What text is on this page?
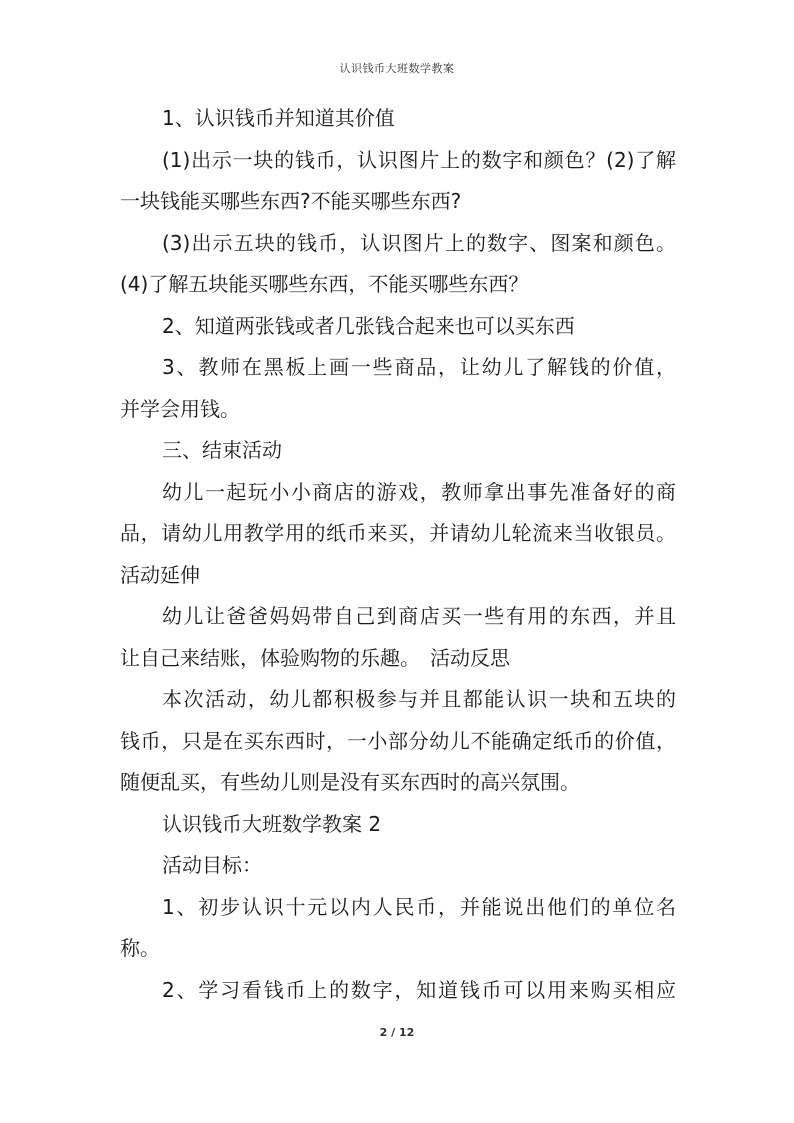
认识钱币大班数学教案
1、认识钱币并知道其价值
(1)出示一块的钱币，认识图片上的数字和颜色？(2)了解
一块钱能买哪些东西?不能买哪些东西?
(3)出示五块的钱币，认识图片上的数字、图案和颜色。
(4)了解五块能买哪些东西，不能买哪些东西？
2、知道两张钱或者几张钱合起来也可以买东西
3、教师在黑板上画一些商品，让幼儿了解钱的价值，
并学会用钱。
三、结束活动
幼儿一起玩小小商店的游戏，教师拿出事先准备好的商
品，请幼儿用教学用的纸币来买，并请幼儿轮流来当收银员。
活动延伸
幼儿让爸爸妈妈带自己到商店买一些有用的东西，并且
让自己来结账，体验购物的乐趣。　活动反思
本次活动，幼儿都积极参与并且都能认识一块和五块的
钱币，只是在买东西时，一小部分幼儿不能确定纸币的价值，
随便乱买，有些幼儿则是没有买东西时的高兴氛围。
认识钱币大班数学教案 2
活动目标：
1、初步认识十元以内人民币，并能说出他们的单位名
称。
2、学习看钱币上的数字，知道钱币可以用来购买相应
2 / 12
